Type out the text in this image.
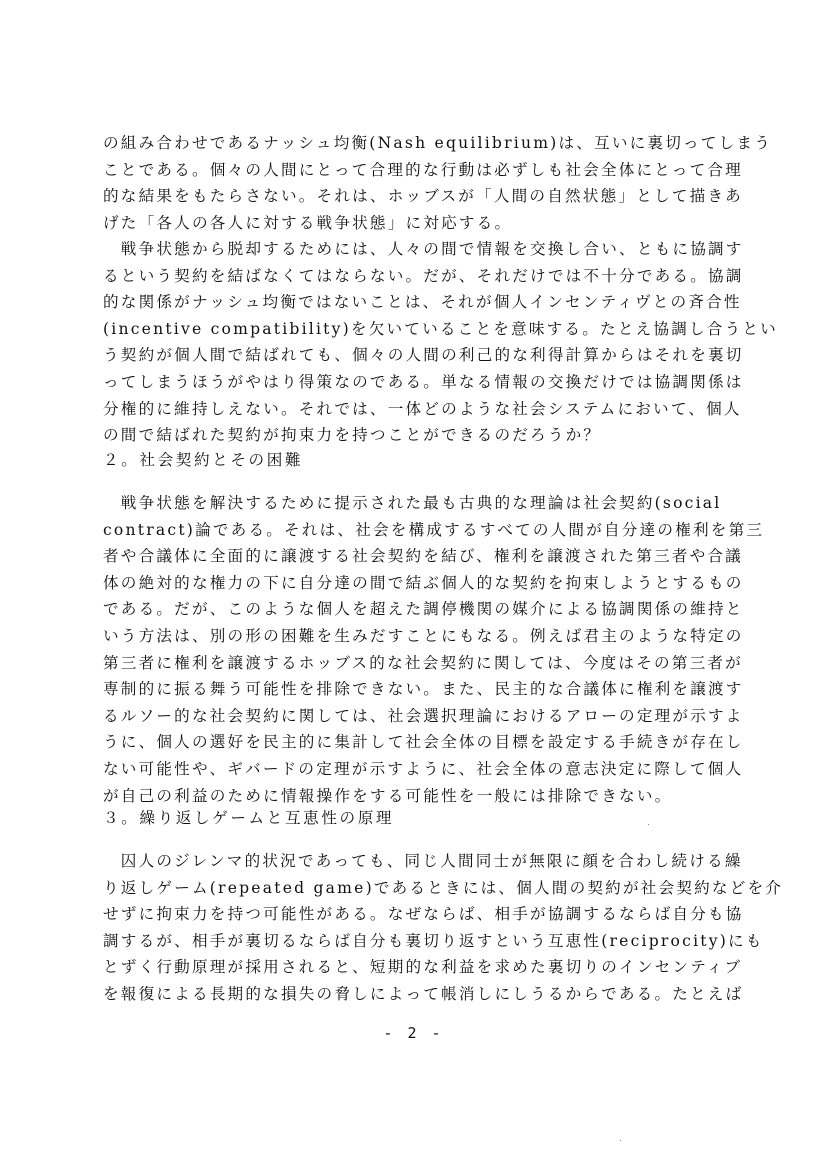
の組み合わせであるナッシュ均衡(Nash equilibrium)は、互いに裏切ってしまう
ことである。個々の人間にとって合理的な行動は必ずしも社会全体にとって合理
的な結果をもたらさない。それは、ホッブスが「人間の自然状態」として描きあ
げた「各人の各人に対する戦争状態」に対応する。
　戦争状態から脱却するためには、人々の間で情報を交換し合い、ともに協調す
るという契約を結ばなくてはならない。だが、それだけでは不十分である。協調
的な関係がナッシュ均衡ではないことは、それが個人インセンティヴとの斉合性
(incentive compatibility)を欠いていることを意味する。たとえ協調し合うとい
う契約が個人間で結ばれても、個々の人間の利己的な利得計算からはそれを裏切
ってしまうほうがやはり得策なのである。単なる情報の交換だけでは協調関係は
分権的に維持しえない。それでは、一体どのような社会システムにおいて、個人
の間で結ばれた契約が拘束力を持つことができるのだろうか？
２。社会契約とその困難
　戦争状態を解決するために提示された最も古典的な理論は社会契約(social
contract)論である。それは、社会を構成するすべての人間が自分達の権利を第三
者や合議体に全面的に譲渡する社会契約を結び、権利を譲渡された第三者や合議
体の絶対的な権力の下に自分達の間で結ぶ個人的な契約を拘束しようとするもの
である。だが、このような個人を超えた調停機関の媒介による協調関係の維持と
いう方法は、別の形の困難を生みだすことにもなる。例えば君主のような特定の
第三者に権利を譲渡するホッブス的な社会契約に関しては、今度はその第三者が
専制的に振る舞う可能性を排除できない。また、民主的な合議体に権利を譲渡す
るルソー的な社会契約に関しては、社会選択理論におけるアローの定理が示すよ
うに、個人の選好を民主的に集計して社会全体の目標を設定する手続きが存在し
ない可能性や、ギバードの定理が示すように、社会全体の意志決定に際して個人
が自己の利益のために情報操作をする可能性を一般には排除できない。
３。繰り返しゲームと互恵性の原理
　囚人のジレンマ的状況であっても、同じ人間同士が無限に顔を合わし続ける繰
り返しゲーム(repeated game)であるときには、個人間の契約が社会契約などを介
せずに拘束力を持つ可能性がある。なぜならば、相手が協調するならば自分も協
調するが、相手が裏切るならば自分も裏切り返すという互恵性(reciprocity)にも
とずく行動原理が採用されると、短期的な利益を求めた裏切りのインセンティブ
を報復による長期的な損失の脅しによって帳消しにしうるからである。たとえば
- 2 -
